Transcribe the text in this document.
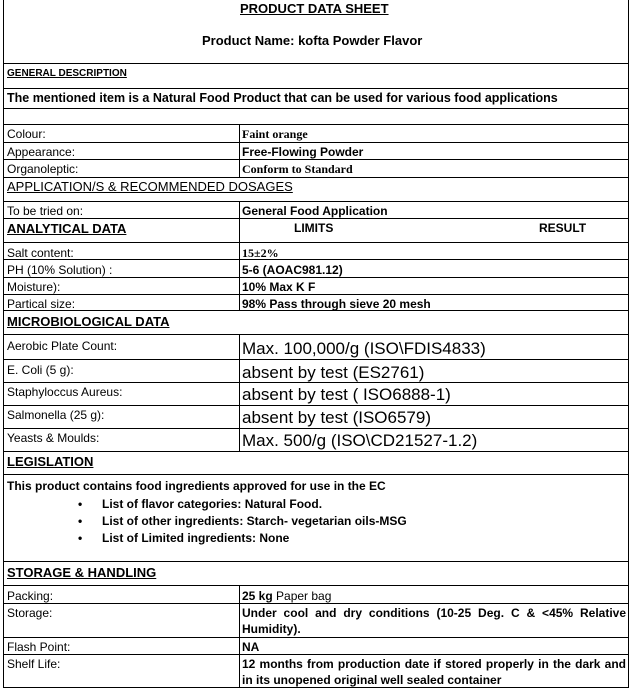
PRODUCT DATA SHEET
Product Name: kofta Powder Flavor
GENERAL DESCRIPTION
The mentioned item is a Natural Food Product that can be used for various food applications
Colour:	Faint orange
Appearance:	Free-Flowing Powder
Organoleptic:	Conform to Standard
APPLICATION/S & RECOMMENDED DOSAGES
To be tried on:	General Food Application
ANALYTICAL DATA	LIMITS	RESULT
Salt content:	15±2%
PH (10% Solution) :	5-6 (AOAC981.12)
Moisture):	10% Max K F
Partical size:	98% Pass through sieve 20 mesh
MICROBIOLOGICAL DATA
Aerobic Plate Count:	Max. 100,000/g (ISO\FDIS4833)
E. Coli (5 g):	absent by test (ES2761)
Staphyloccus Aureus:	absent by test ( ISO6888-1)
Salmonella (25 g):	absent by test (ISO6579)
Yeasts & Moulds:	Max. 500/g (ISO\CD21527-1.2)
LEGISLATION
This product contains food ingredients approved for use in the EC
• List of flavor categories: Natural Food.
• List of other ingredients: Starch- vegetarian oils-MSG
• List of Limited ingredients: None
STORAGE & HANDLING
Packing:	25 kg Paper bag
Storage:	Under cool and dry conditions (10-25 Deg. C & <45% Relative Humidity).
Flash Point:	NA
Shelf Life:	12 months from production date if stored properly in the dark and in its unopened original well sealed container
